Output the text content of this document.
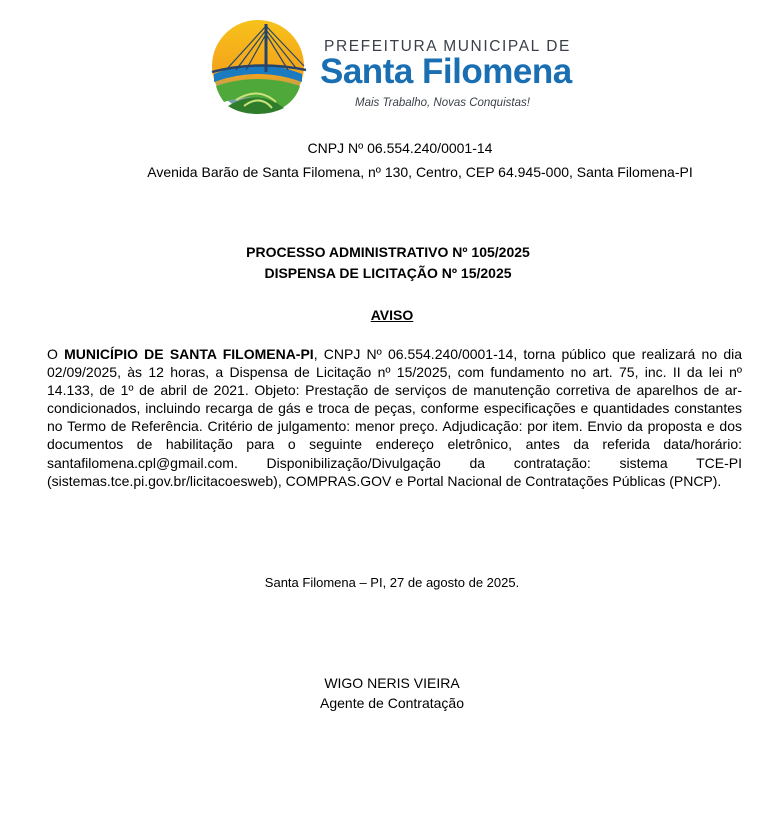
PREFEITURA MUNICIPAL DE
Santa Filomena
Mais Trabalho, Novas Conquistas!
CNPJ Nº 06.554.240/0001-14
Avenida Barão de Santa Filomena, nº 130, Centro, CEP 64.945-000, Santa Filomena-PI
PROCESSO ADMINISTRATIVO Nº 105/2025
DISPENSA DE LICITAÇÃO Nº 15/2025
AVISO
O MUNICÍPIO DE SANTA FILOMENA-PI, CNPJ Nº 06.554.240/0001-14, torna público que realizará no dia 02/09/2025, às 12 horas, a Dispensa de Licitação nº 15/2025, com fundamento no art. 75, inc. II da lei nº 14.133, de 1º de abril de 2021. Objeto: Prestação de serviços de manutenção corretiva de aparelhos de ar-condicionados, incluindo recarga de gás e troca de peças, conforme especificações e quantidades constantes no Termo de Referência. Critério de julgamento: menor preço. Adjudicação: por item. Envio da proposta e dos documentos de habilitação para o seguinte endereço eletrônico, antes da referida data/horário: santafilomena.cpl@gmail.com. Disponibilização/Divulgação da contratação: sistema TCE-PI (sistemas.tce.pi.gov.br/licitacoesweb), COMPRAS.GOV e Portal Nacional de Contratações Públicas (PNCP).
Santa Filomena – PI, 27 de agosto de 2025.
WIGO NERIS VIEIRA
Agente de Contratação
